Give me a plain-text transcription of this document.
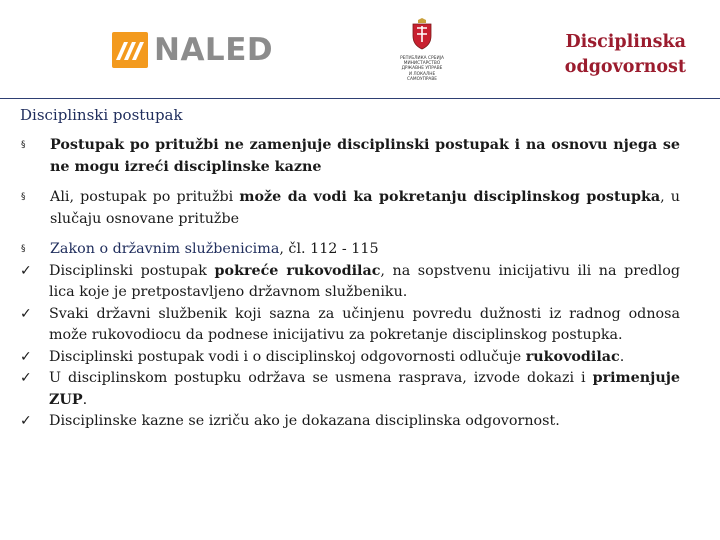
NALED	РЕПУБЛИКА СРБИЈА
МИНИСТАРСТВО
ДРЖАВНЕ УПРАВЕ
И ЛОКАЛНЕ
САМОУПРАВЕ
Disciplinska
odgovornost
Disciplinski postupak
§	Postupak po pritužbi ne zamenjuje disciplinski postupak i na osnovu njega se ne mogu izreći disciplinske kazne
§	Ali, postupak po pritužbi može da vodi ka pokretanju disciplinskog postupka, u slučaju osnovane pritužbe
§	Zakon o državnim službenicima, čl. 112 - 115
✓	Disciplinski postupak pokreće rukovodilac, na sopstvenu inicijativu ili na predlog lica koje je pretpostavljeno državnom službeniku.
✓	Svaki državni službenik koji sazna za učinjenu povredu dužnosti iz radnog odnosa može rukovodiocu da podnese inicijativu za pokretanje disciplinskog postupka.
✓	Disciplinski postupak vodi i o disciplinskoj odgovornosti odlučuje rukovodilac.
✓	U disciplinskom postupku održava se usmena rasprava, izvode dokazi i primenjuje ZUP.
✓	Disciplinske kazne se izriču ako je dokazana disciplinska odgovornost.
